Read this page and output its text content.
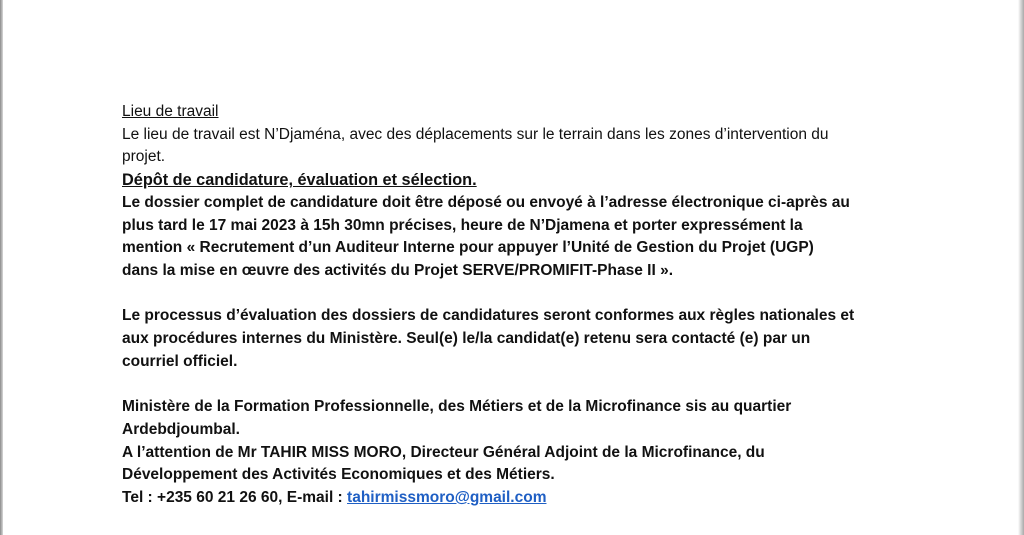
Lieu de travail
Le lieu de travail est N’Djaména, avec des déplacements sur le terrain dans les zones d’intervention du
projet.
Dépôt de candidature, évaluation et sélection.
Le dossier complet de candidature doit être déposé ou envoyé à l’adresse électronique ci-après au
plus tard le 17 mai 2023 à 15h 30mn précises, heure de N’Djamena et porter expressément la
mention « Recrutement d’un Auditeur Interne pour appuyer l’Unité de Gestion du Projet (UGP)
dans la mise en œuvre des activités du Projet SERVE/PROMIFIT-Phase II ».
Le processus d’évaluation des dossiers de candidatures seront conformes aux règles nationales et
aux procédures internes du Ministère. Seul(e) le/la candidat(e) retenu sera contacté (e) par un
courriel officiel.
Ministère de la Formation Professionnelle, des Métiers et de la Microfinance sis au quartier
Ardebdjoumbal.
A l’attention de Mr TAHIR MISS MORO, Directeur Général Adjoint de la Microfinance, du
Développement des Activités Economiques et des Métiers.
Tel : +235 60 21 26 60, E-mail : tahirmissmoro@gmail.com
